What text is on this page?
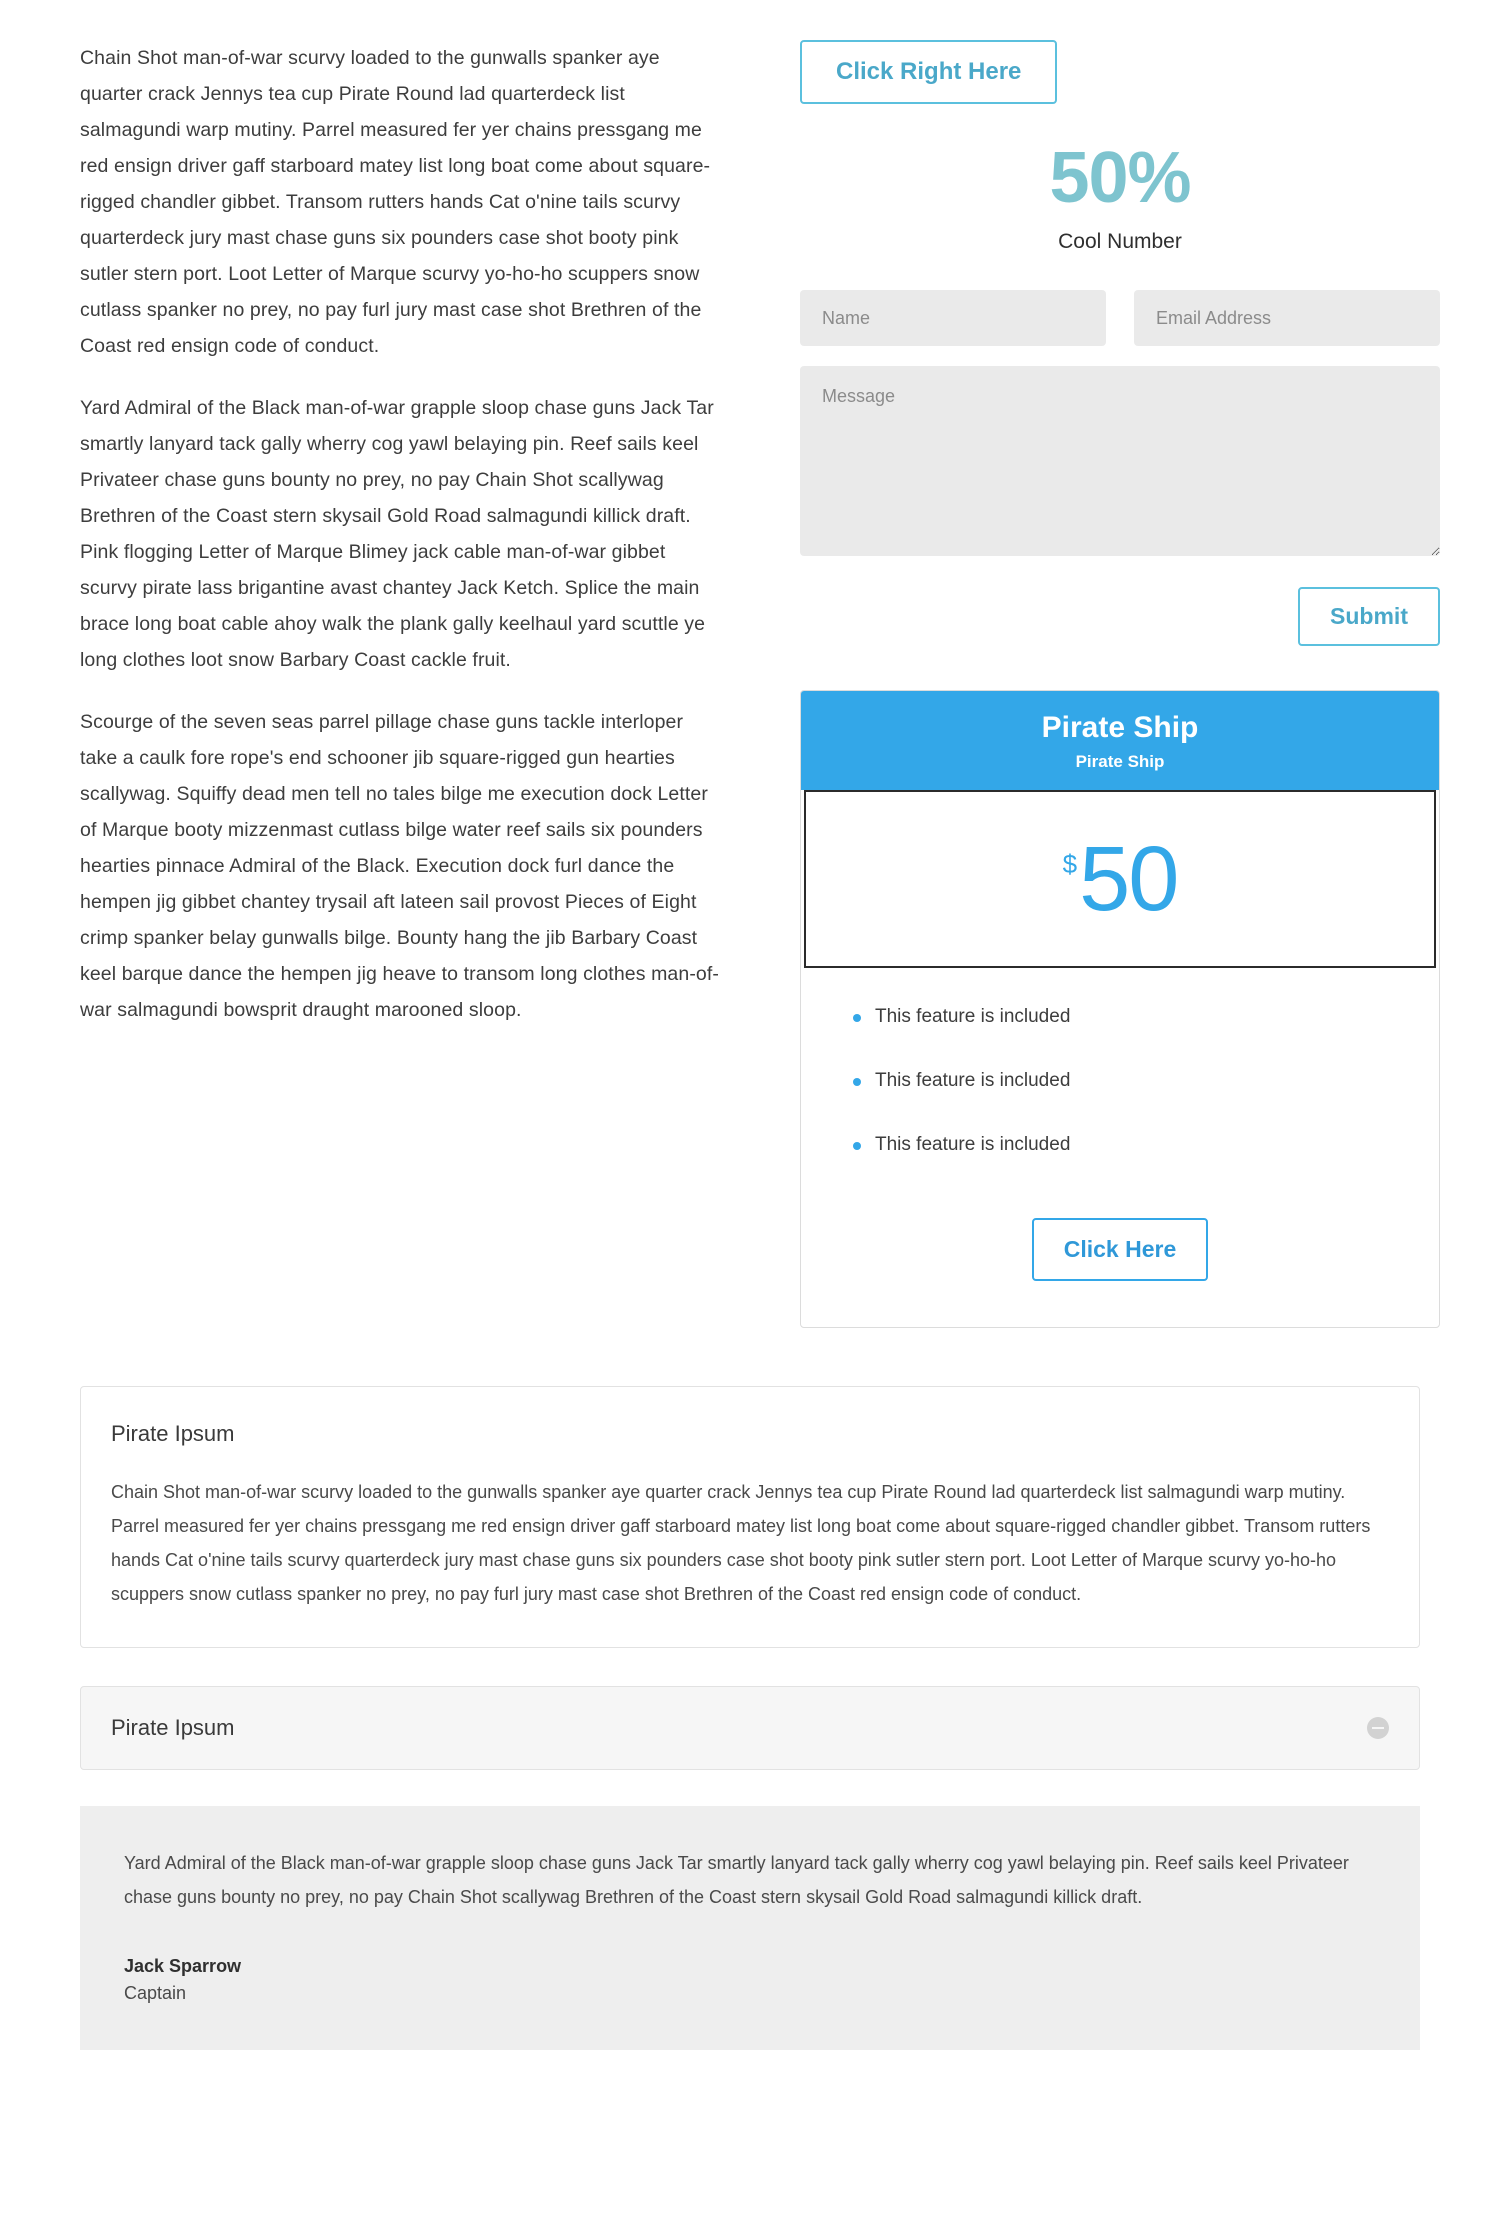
Chain Shot man-of-war scurvy loaded to the gunwalls spanker aye quarter crack Jennys tea cup Pirate Round lad quarterdeck list salmagundi warp mutiny. Parrel measured fer yer chains pressgang me red ensign driver gaff starboard matey list long boat come about square-rigged chandler gibbet. Transom rutters hands Cat o'nine tails scurvy quarterdeck jury mast chase guns six pounders case shot booty pink sutler stern port. Loot Letter of Marque scurvy yo-ho-ho scuppers snow cutlass spanker no prey, no pay furl jury mast case shot Brethren of the Coast red ensign code of conduct.

Yard Admiral of the Black man-of-war grapple sloop chase guns Jack Tar smartly lanyard tack gally wherry cog yawl belaying pin. Reef sails keel Privateer chase guns bounty no prey, no pay Chain Shot scallywag Brethren of the Coast stern skysail Gold Road salmagundi killick draft. Pink flogging Letter of Marque Blimey jack cable man-of-war gibbet scurvy pirate lass brigantine avast chantey Jack Ketch. Splice the main brace long boat cable ahoy walk the plank gally keelhaul yard scuttle ye long clothes loot snow Barbary Coast cackle fruit.

Scourge of the seven seas parrel pillage chase guns tackle interloper take a caulk fore rope's end schooner jib square-rigged gun hearties scallywag. Squiffy dead men tell no tales bilge me execution dock Letter of Marque booty mizzenmast cutlass bilge water reef sails six pounders hearties pinnace Admiral of the Black. Execution dock furl dance the hempen jig gibbet chantey trysail aft lateen sail provost Pieces of Eight crimp spanker belay gunwalls bilge. Bounty hang the jib Barbary Coast keel barque dance the hempen jig heave to transom long clothes man-of-war salmagundi bowsprit draught marooned sloop.

Click Right Here
50%
Cool Number
Name
Email Address
Message
Submit
Pirate Ship
Pirate Ship
$ 50
This feature is included
This feature is included
This feature is included
Click Here
Pirate Ipsum

Chain Shot man-of-war scurvy loaded to the gunwalls spanker aye quarter crack Jennys tea cup Pirate Round lad quarterdeck list salmagundi warp mutiny. Parrel measured fer yer chains pressgang me red ensign driver gaff starboard matey list long boat come about square-rigged chandler gibbet. Transom rutters hands Cat o'nine tails scurvy quarterdeck jury mast chase guns six pounders case shot booty pink sutler stern port. Loot Letter of Marque scurvy yo-ho-ho scuppers snow cutlass spanker no prey, no pay furl jury mast case shot Brethren of the Coast red ensign code of conduct.

Pirate Ipsum

Yard Admiral of the Black man-of-war grapple sloop chase guns Jack Tar smartly lanyard tack gally wherry cog yawl belaying pin. Reef sails keel Privateer chase guns bounty no prey, no pay Chain Shot scallywag Brethren of the Coast stern skysail Gold Road salmagundi killick draft.

Jack Sparrow

Captain
